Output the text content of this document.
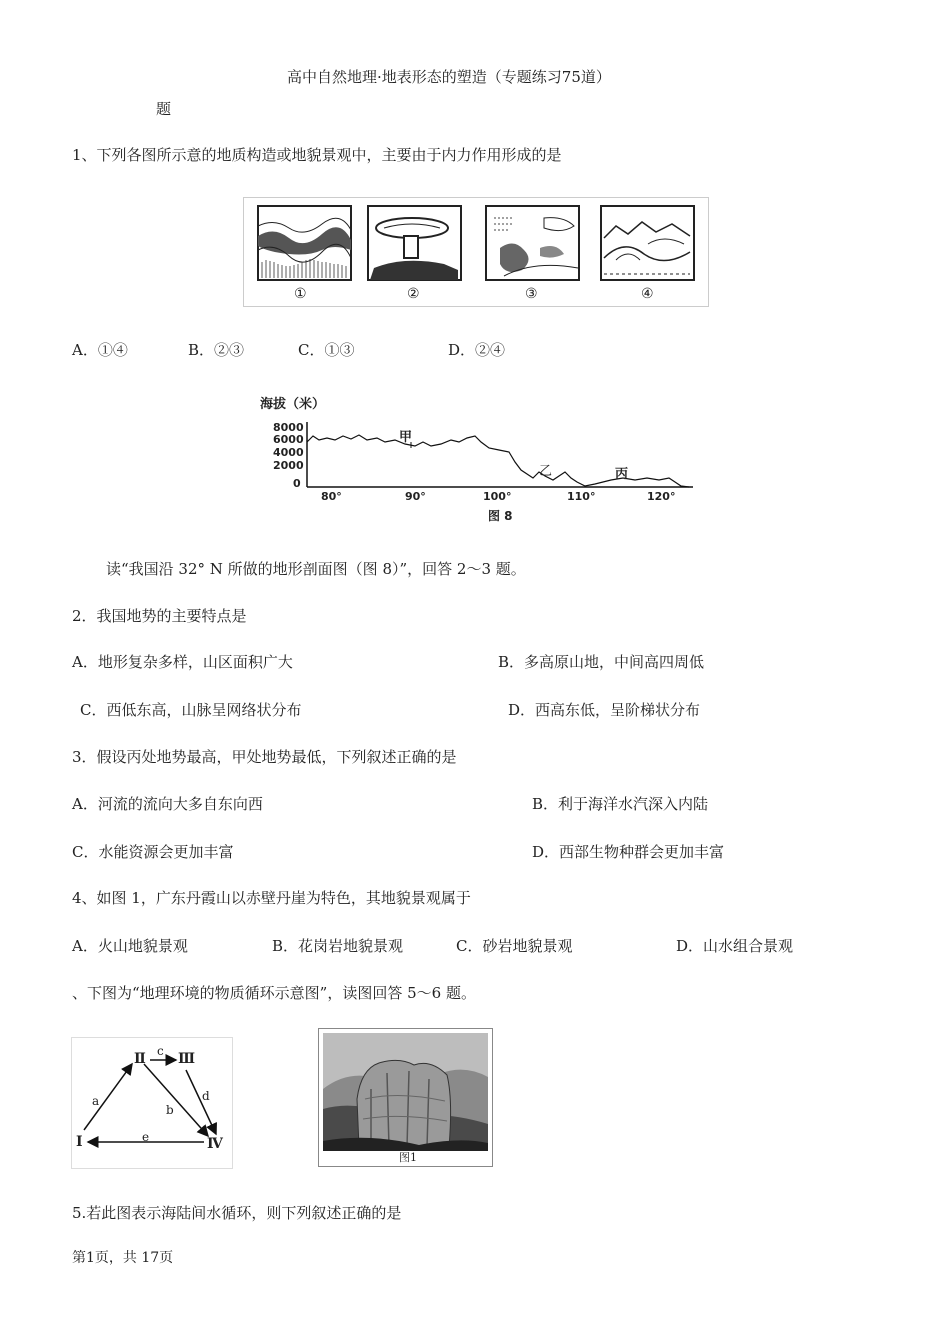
高中自然地理·地表形态的塑造（专题练习75道）
题
1、下列各图所示意的地质构造或地貌景观中，主要由于内力作用形成的是
①	②	③	④
A．①④	B．②③	C．①③	D．②④
海拔（米）
8000
6000
4000
2000
0
甲
乙	丙
80°	90°	100°	110°	120°
图 8
读“我国沿 32° N 所做的地形剖面图（图 8）”，回答 2～3 题。
2．我国地势的主要特点是
A．地形复杂多样，山区面积广大	B．多高原山地，中间高四周低
C．西低东高，山脉呈网络状分布	D．西高东低，呈阶梯状分布
3．假设丙处地势最高，甲处地势最低，下列叙述正确的是
A．河流的流向大多自东向西	B．利于海洋水汽深入内陆
C．水能资源会更加丰富	D．西部生物种群会更加丰富
4、如图 1，广东丹霞山以赤壁丹崖为特色，其地貌景观属于
A．火山地貌景观	B．花岗岩地貌景观	C．砂岩地貌景观	D．山水组合景观
、下图为“地理环境的物质循环示意图”，读图回答 5～6 题。
Ⅰ
Ⅱ Ⅲ
Ⅳ
a
b
c
d
e
图1
5.若此图表示海陆间水循环，则下列叙述正确的是
第1页，共 17页
